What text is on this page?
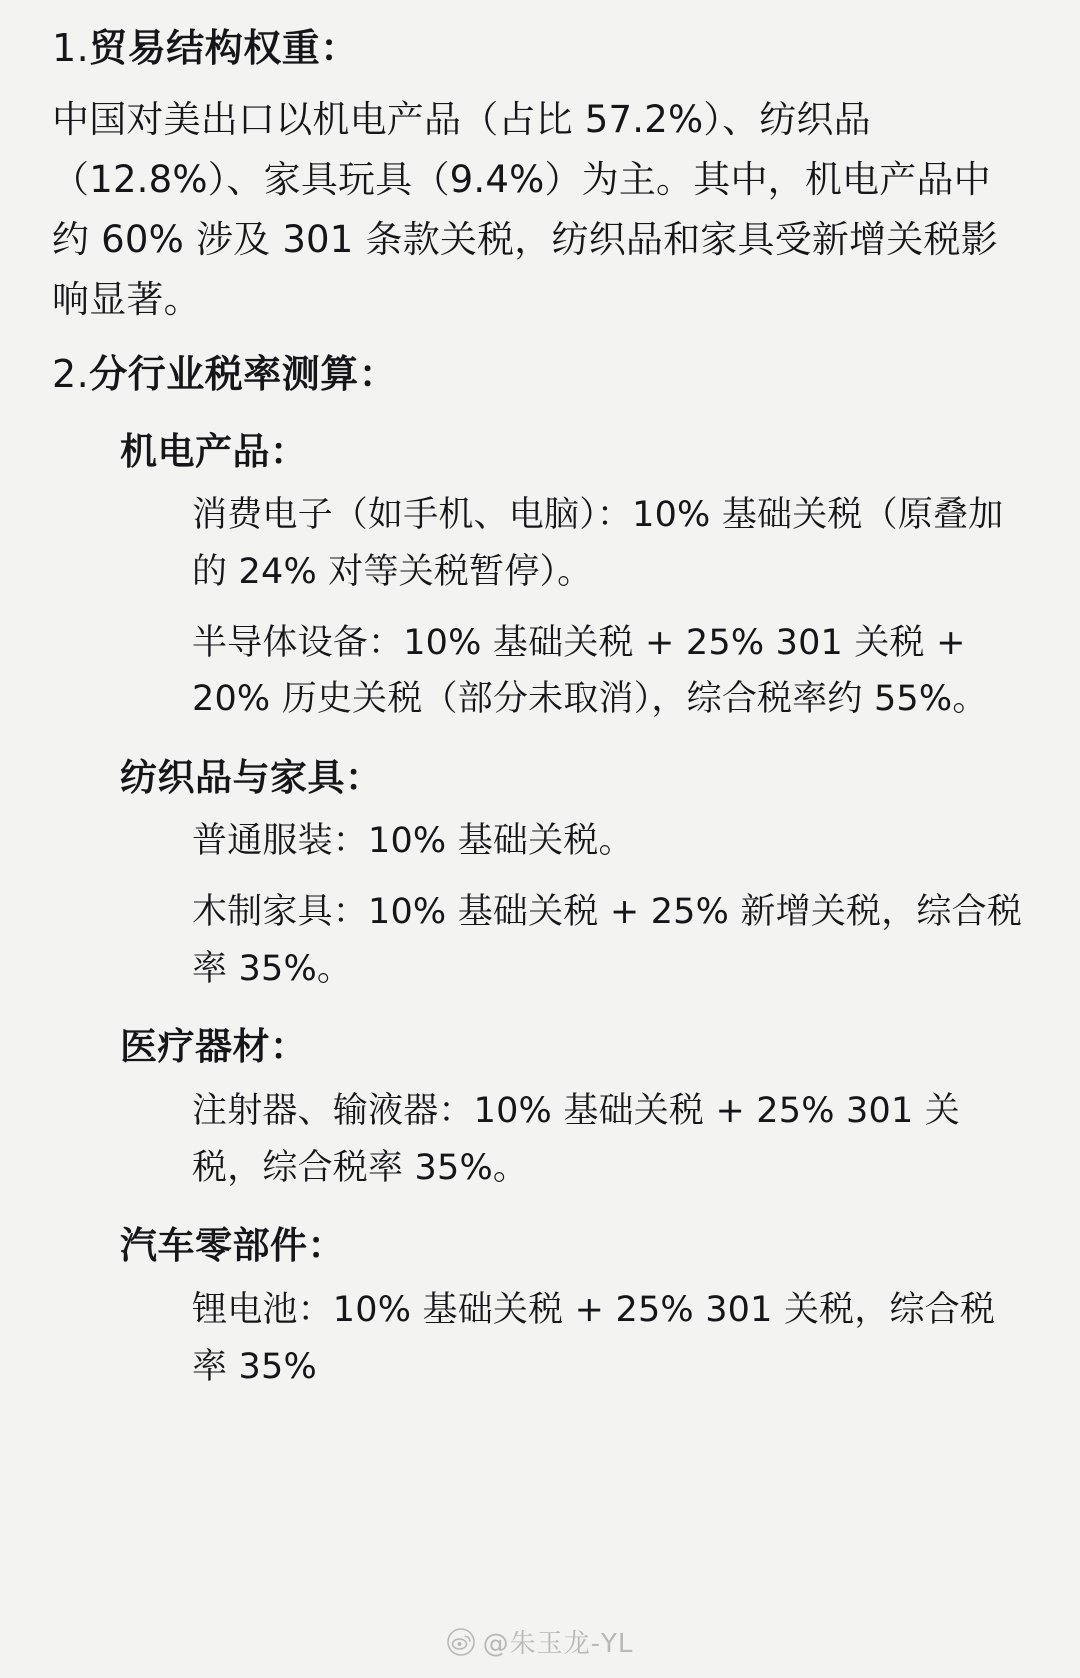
1.贸易结构权重：

中国对美出口以机电产品（占比 57.2%）、纺织品（12.8%）、家具玩具（9.4%）为主。其中，机电产品中约 60% 涉及 301 条款关税，纺织品和家具受新增关税影响显著。

2.分行业税率测算：
机电产品：

消费电子（如手机、电脑）：10% 基础关税（原叠加的 24% 对等关税暂停）。

半导体设备：10% 基础关税 + 25% 301 关税 + 20% 历史关税（部分未取消），综合税率约 55%。

纺织品与家具：

普通服装：10% 基础关税。

木制家具：10% 基础关税 + 25% 新增关税，综合税率 35%。

医疗器材：

注射器、输液器：10% 基础关税 + 25% 301 关税，综合税率 35%。

汽车零部件：

锂电池：10% 基础关税 + 25% 301 关税，综合税率 35%

@朱玉龙-YL
